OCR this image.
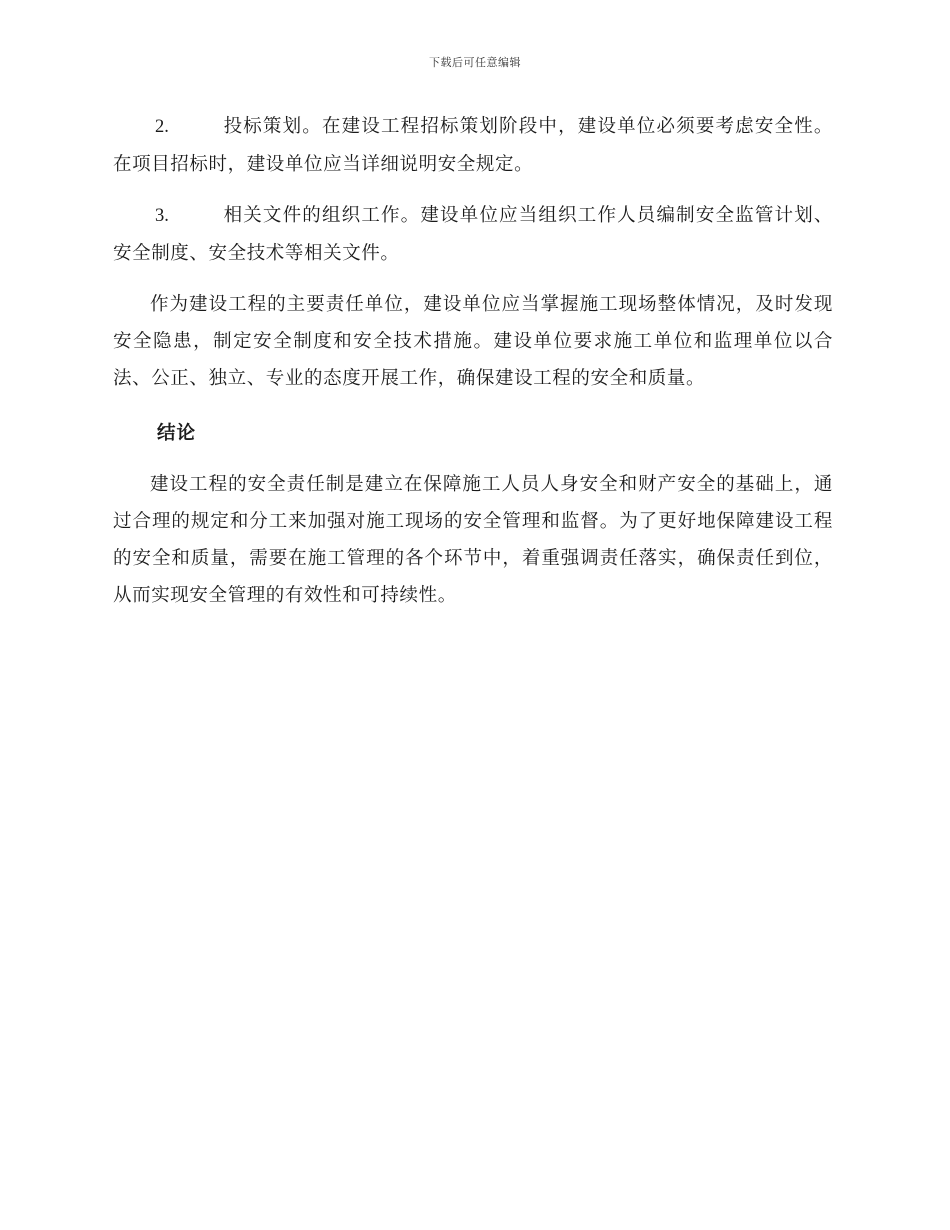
下载后可任意编辑

2.	投标策划。在建设工程招标策划阶段中，建设单位必须要考虑安全性。在项目招标时，建设单位应当详细说明安全规定。

3.	相关文件的组织工作。建设单位应当组织工作人员编制安全监管计划、安全制度、安全技术等相关文件。

作为建设工程的主要责任单位，建设单位应当掌握施工现场整体情况，及时发现安全隐患，制定安全制度和安全技术措施。建设单位要求施工单位和监理单位以合法、公正、独立、专业的态度开展工作，确保建设工程的安全和质量。

结论

建设工程的安全责任制是建立在保障施工人员人身安全和财产安全的基础上，通过合理的规定和分工来加强对施工现场的安全管理和监督。为了更好地保障建设工程的安全和质量，需要在施工管理的各个环节中，着重强调责任落实，确保责任到位，从而实现安全管理的有效性和可持续性。
